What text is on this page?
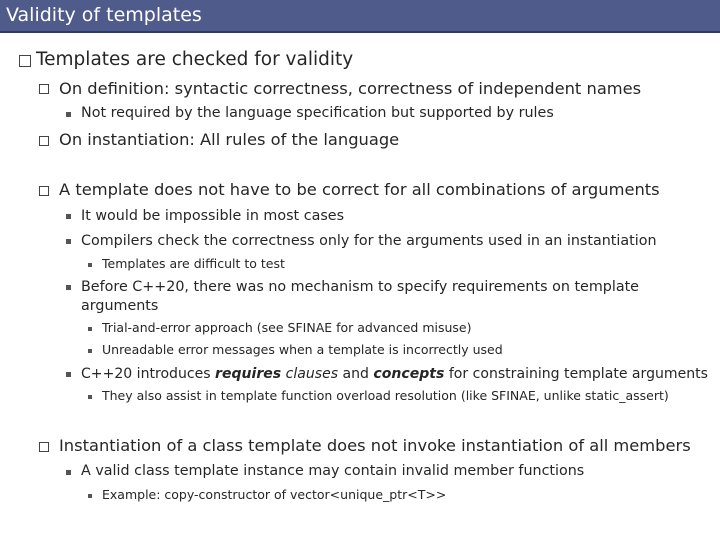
Validity of templates
Templates are checked for validity
On definition: syntactic correctness, correctness of independent names
Not required by the language specification but supported by rules
On instantiation: All rules of the language
A template does not have to be correct for all combinations of arguments
It would be impossible in most cases
Compilers check the correctness only for the arguments used in an instantiation
Templates are difficult to test
Before C++20, there was no mechanism to specify requirements on template
arguments
Trial-and-error approach (see SFINAE for advanced misuse)
Unreadable error messages when a template is incorrectly used
C++20 introduces requires clauses and concepts for constraining template arguments
They also assist in template function overload resolution (like SFINAE, unlike static_assert)
Instantiation of a class template does not invoke instantiation of all members
A valid class template instance may contain invalid member functions
Example: copy-constructor of vector<unique_ptr<T>>
